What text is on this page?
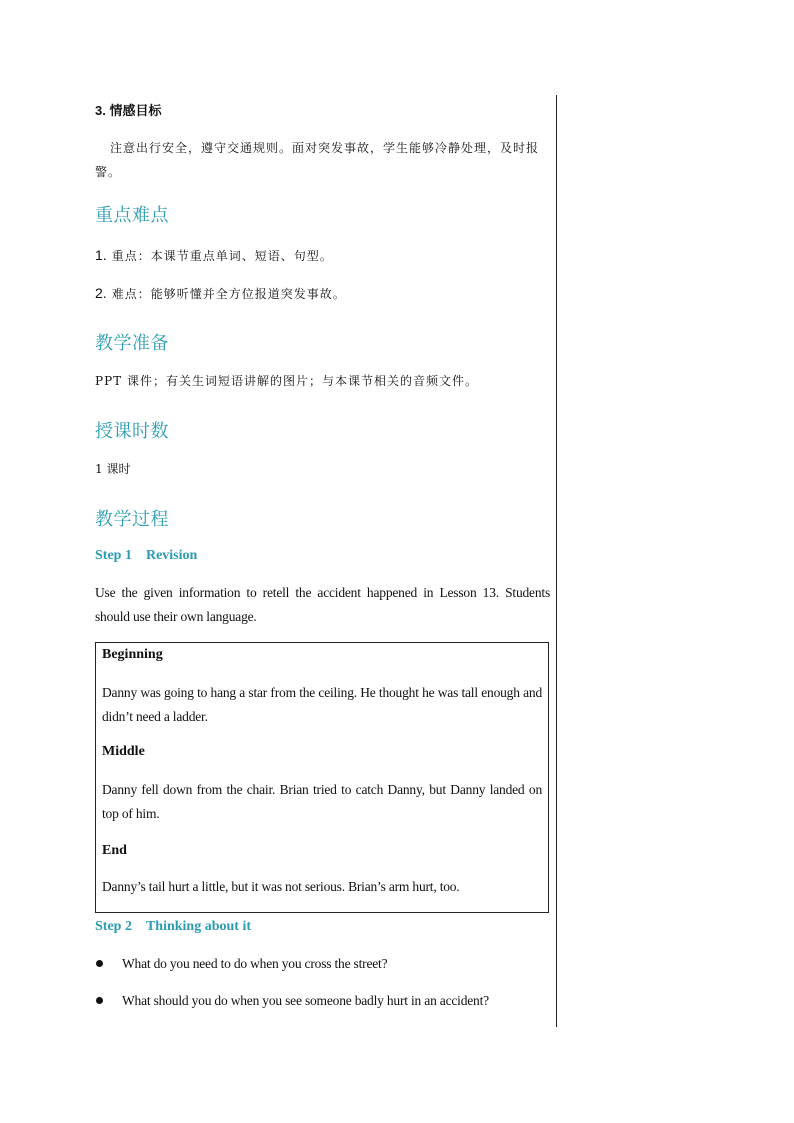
3. 情感目标
注意出行安全，遵守交通规则。面对突发事故，学生能够冷静处理，及时报警。
重点难点
1. 重点：本课节重点单词、短语、句型。
2. 难点：能够听懂并全方位报道突发事故。
教学准备
PPT 课件；有关生词短语讲解的图片；与本课节相关的音频文件。
授课时数
1 课时
教学过程
Step 1 Revision
Use the given information to retell the accident happened in Lesson 13. Students should use their own language.
Beginning
Danny was going to hang a star from the ceiling. He thought he was tall enough and didn’t need a ladder.
Middle
Danny fell down from the chair. Brian tried to catch Danny, but Danny landed on top of him.
End
Danny’s tail hurt a little, but it was not serious. Brian’s arm hurt, too.
Step 2 Thinking about it
What do you need to do when you cross the street?
What should you do when you see someone badly hurt in an accident?
